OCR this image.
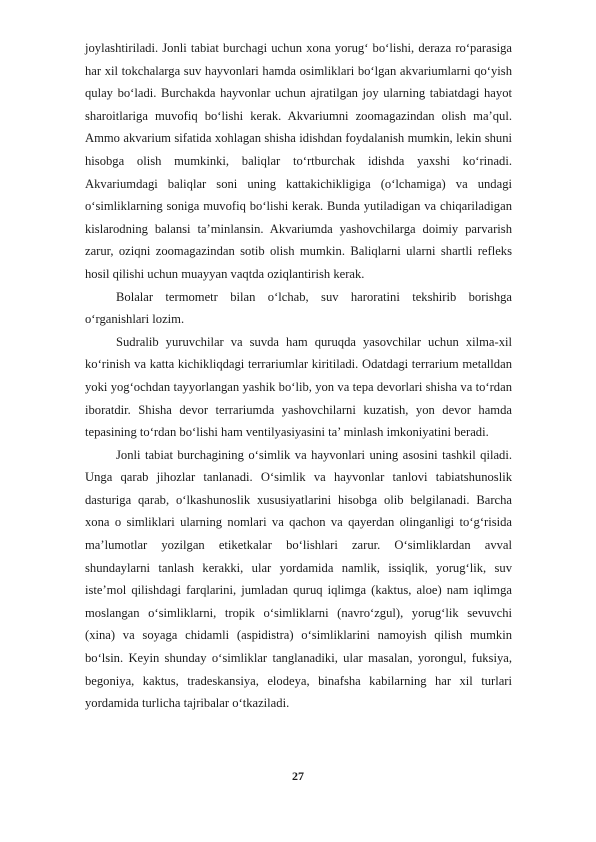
joylashtiriladi. Jonli tabiat burchagi uchun xona yorug‘ bo‘lishi, deraza ro‘parasiga har xil tokchalarga suv hayvonlari hamda osimliklari bo‘lgan akvariumlarni qo‘yish qulay bo‘ladi. Burchakda hayvonlar uchun ajratilgan joy ularning tabiatdagi hayot sharoitlariga muvofiq bo‘lishi kerak. Akvariumni zoomagazindan olish ma’qul. Ammo akvarium sifatida xohlagan shisha idishdan foydalanish mumkin, lekin shuni hisobga olish mumkinki, baliqlar to‘rtburchak idishda yaxshi ko‘rinadi. Akvariumdagi baliqlar soni uning kattakichikligiga (o‘lchamiga) va undagi o‘simliklarning soniga muvofiq bo‘lishi kerak. Bunda yutiladigan va chiqariladigan kislarodning balansi ta’minlansin. Akvariumda yashovchilarga doimiy parvarish zarur, oziqni zoomagazindan sotib olish mumkin. Baliqlarni ularni shartli refleks hosil qilishi uchun muayyan vaqtda oziqlantirish kerak.

Bolalar termometr bilan o‘lchab, suv haroratini tekshirib borishga o‘rganishlari lozim.

Sudralib yuruvchilar va suvda ham quruqda yasovchilar uchun xilma-xil ko‘rinish va katta kichikliqdagi terrariumlar kiritiladi. Odatdagi terrarium metalldan yoki yog‘ochdan tayyorlangan yashik bo‘lib, yon va tepa devorlari shisha va to‘rdan iboratdir. Shisha devor terrariumda yashovchilarni kuzatish, yon devor hamda tepasining to‘rdan bo‘lishi ham ventilyasiyasini ta’ minlash imkoniyatini beradi.

Jonli tabiat burchagining o‘simlik va hayvonlari uning asosini tashkil qiladi. Unga qarab jihozlar tanlanadi. O‘simlik va hayvonlar tanlovi tabiatshunoslik dasturiga qarab, o‘lkashunoslik xususiyatlarini hisobga olib belgilanadi. Barcha xona o simliklari ularning nomlari va qachon va qayerdan olinganligi to‘g‘risida ma’lumotlar yozilgan etiketkalar bo‘lishlari zarur. O‘simliklardan avval shundaylarni tanlash kerakki, ular yordamida namlik, issiqlik, yorug‘lik, suv iste’mol qilishdagi farqlarini, jumladan quruq iqlimga (kaktus, aloe) nam iqlimga moslangan o‘simliklarni, tropik o‘simliklarni (navro‘zgul), yorug‘lik sevuvchi (xina) va soyaga chidamli (aspidistra) o‘simliklarini namoyish qilish mumkin bo‘lsin. Keyin shunday o‘simliklar tanglanadiki, ular masalan, yorongul, fuksiya, begoniya, kaktus, tradeskansiya, elodeya, binafsha kabilarning har xil turlari yordamida turlicha tajribalar o‘tkaziladi.

27
